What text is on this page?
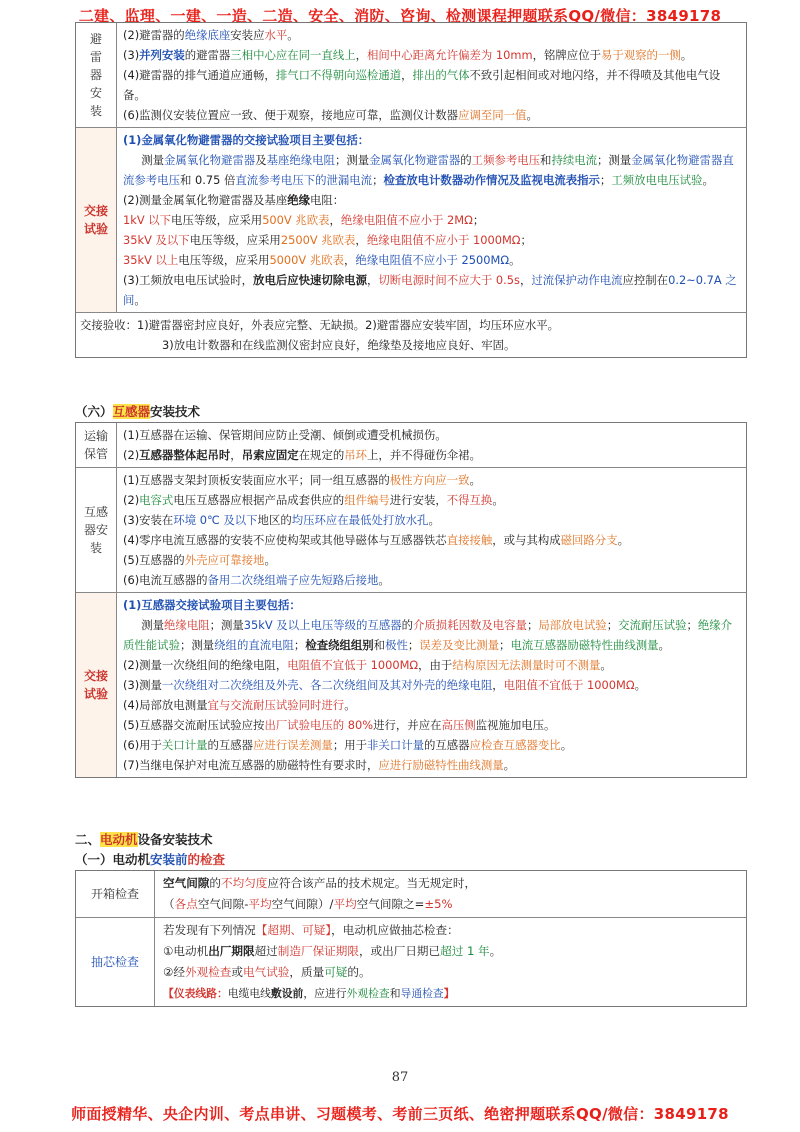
二建、监理、一建、一造、二造、安全、消防、咨询、检测课程押题联系QQ/微信：3849178
避雷器安装

(2)避雷器的绝缘底座安装应水平。

(3)并列安装的避雷器三相中心应在同一直线上，相间中心距离允许偏差为 10mm，铭牌应位于易于观察的一侧。

(4)避雷器的排气通道应通畅，排气口不得朝向巡检通道，排出的气体不致引起相间或对地闪络，并不得喷及其他电气设备。

(6)监测仪安装位置应一致、便于观察，接地应可靠，监测仪计数器应调至同一值。

交接试验

(1)金属氧化物避雷器的交接试验项目主要包括：

测量金属氧化物避雷器及基座绝缘电阻；测量金属氧化物避雷器的工频参考电压和持续电流；测量金属氧化物避雷器直流参考电压和 0.75 倍直流参考电压下的泄漏电流；检查放电计数器动作情况及监视电流表指示；工频放电电压试验。

(2)测量金属氧化物避雷器及基座绝缘电阻：

1kV 以下电压等级，应采用500V 兆欧表，绝缘电阻值不应小于 2MΩ；

35kV 及以下电压等级，应采用2500V 兆欧表，绝缘电阻值不应小于 1000MΩ；

35kV 以上电压等级，应采用5000V 兆欧表，绝缘电阻值不应小于 2500MΩ。

(3)工频放电电压试验时，放电后应快速切除电源，切断电源时间不应大于 0.5s，过流保护动作电流应控制在0.2~0.7A 之间。

交接验收：1)避雷器密封应良好，外表应完整、无缺损。2)避雷器应安装牢固，均压环应水平。

3)放电计数器和在线监测仪密封应良好，绝缘垫及接地应良好、牢固。

（六）互感器安装技术
运输保管

(1)互感器在运输、保管期间应防止受潮、倾倒或遭受机械损伤。

(2)互感器整体起吊时，吊索应固定在规定的吊环上，并不得碰伤伞裙。

互感器安装

(1)互感器支架封顶板安装面应水平；同一组互感器的极性方向应一致。

(2)电容式电压互感器应根据产品成套供应的组件编号进行安装，不得互换。

(3)安装在环境 0℃ 及以下地区的均压环应在最低处打放水孔。

(4)零序电流互感器的安装不应使构架或其他导磁体与互感器铁芯直接接触，或与其构成磁回路分支。

(5)互感器的外壳应可靠接地。

(6)电流互感器的备用二次绕组端子应先短路后接地。

交接试验

(1)互感器交接试验项目主要包括：

测量绝缘电阻；测量35kV 及以上电压等级的互感器的介质损耗因数及电容量；局部放电试验；交流耐压试验；绝缘介质性能试验；测量绕组的直流电阻；检查绕组组别和极性；误差及变比测量；电流互感器励磁特性曲线测量。

(2)测量一次绕组间的绝缘电阻，电阻值不宜低于 1000MΩ，由于结构原因无法测量时可不测量。

(3)测量一次绕组对二次绕组及外壳、各二次绕组间及其对外壳的绝缘电阻，电阻值不宜低于 1000MΩ。

(4)局部放电测量宜与交流耐压试验同时进行。

(5)互感器交流耐压试验应按出厂试验电压的 80%进行，并应在高压侧监视施加电压。

(6)用于关口计量的互感器应进行误差测量；用于非关口计量的互感器应检查互感器变比。

(7)当继电保护对电流互感器的励磁特性有要求时，应进行励磁特性曲线测量。

二、电动机设备安装技术
（一）电动机安装前的检查
开箱检查

空气间隙的不均匀度应符合该产品的技术规定。当无规定时，

（各点空气间隙-平均空气间隙）/平均空气间隙之=±5%

抽芯检查

若发现有下列情况【超期、可疑】，电动机应做抽芯检查：

①电动机出厂期限超过制造厂保证期限，或出厂日期已超过 1 年。

②经外观检查或电气试验，质量可疑的。

【仪表线路：电缆电线敷设前，应进行外观检查和导通检查】

87
师面授精华、央企内训、考点串讲、习题模考、考前三页纸、绝密押题联系QQ/微信：3849178
